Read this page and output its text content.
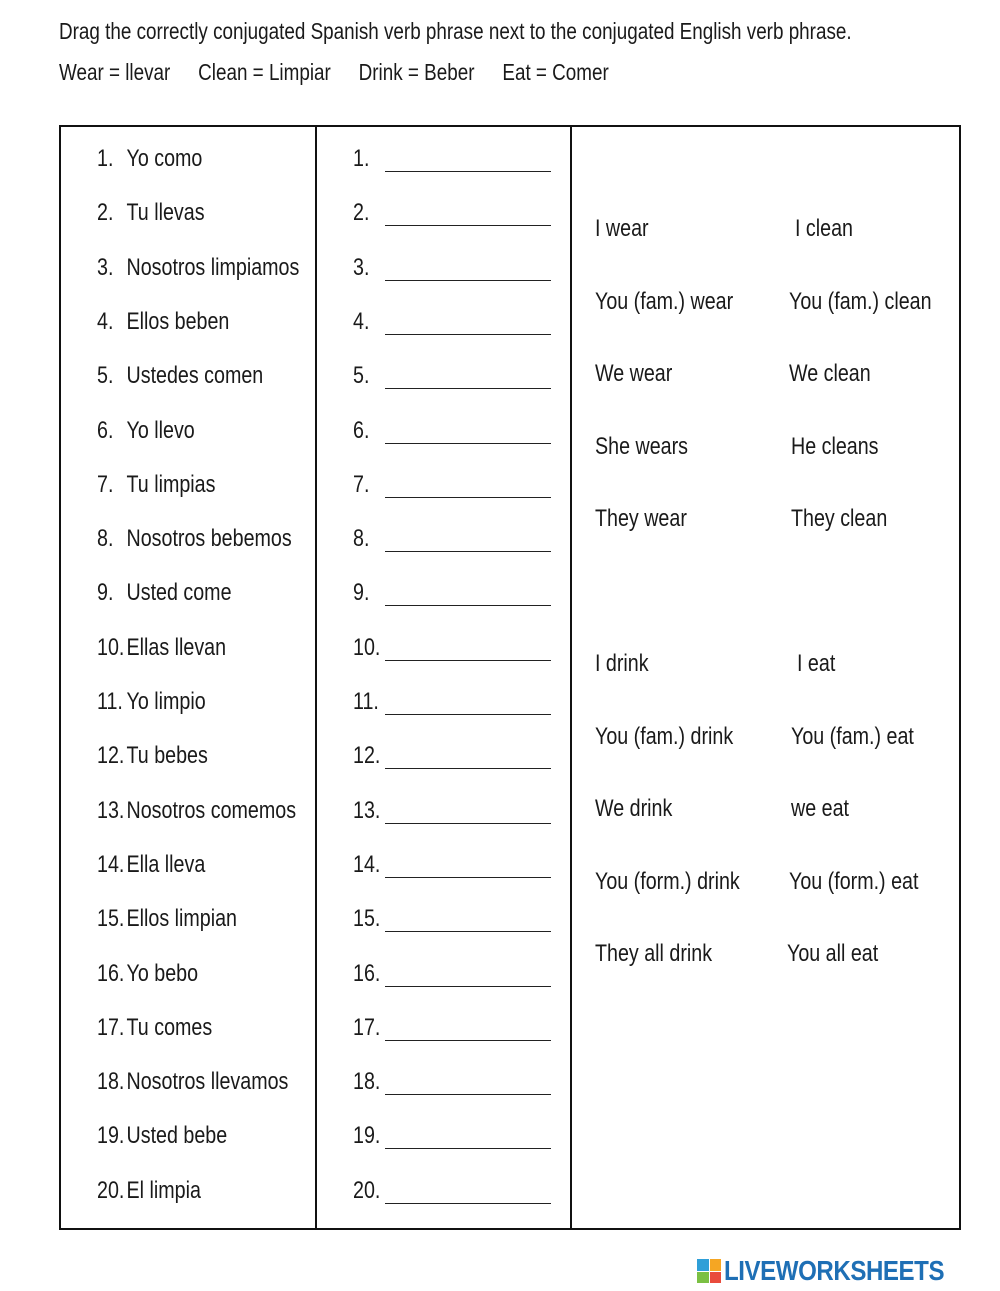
Drag the correctly conjugated Spanish verb phrase next to the conjugated English verb phrase.
Wear = llevar Clean = Limpiar Drink = Beber Eat = Comer
1. Yo como
2. Tu llevas
3. Nosotros limpiamos
4. Ellos beben
5. Ustedes comen
6. Yo llevo
7. Tu limpias
8. Nosotros bebemos
9. Usted come
10.Ellas llevan
11. Yo limpio
12.Tu bebes
13.Nosotros comemos
14.Ella lleva
15.Ellos limpian
16.Yo bebo
17.Tu comes
18.Nosotros llevamos
19.Usted bebe
20.El limpia
1.
2.
3.
4.
5.
6.
7.
8.
9.
10.
11.
12.
13.
14.
15.
16.
17.
18.
19.
20.
I wear
You (fam.) wear
We wear
She wears
They wear
I clean
You (fam.) clean
We clean
He cleans
They clean
I drink
You (fam.) drink
We drink
You (form.) drink
They all drink
I eat
You (fam.) eat
we eat
You (form.) eat
You all eat
LIVEWORKSHEETS
